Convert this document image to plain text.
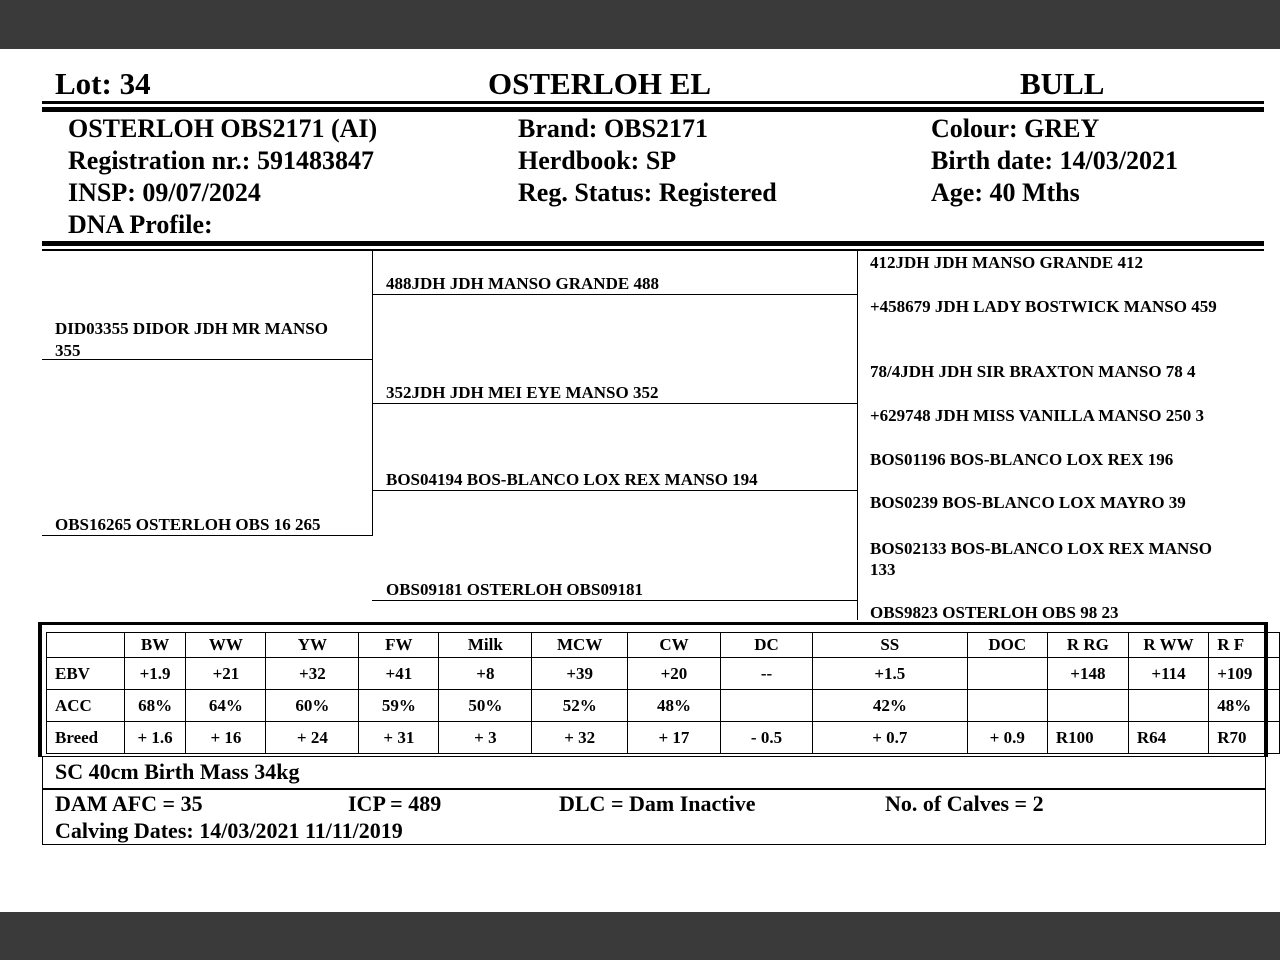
Lot: 34	OSTERLOH EL	BULL
OSTERLOH OBS2171 (AI)
Registration nr.: 591483847
INSP: 09/07/2024
DNA Profile:
Brand: OBS2171
Herdbook: SP
Reg. Status: Registered
Colour: GREY
Birth date: 14/03/2021
Age: 40 Mths
DID03355 DIDOR JDH MR MANSO
355
OBS16265 OSTERLOH OBS 16 265
488JDH JDH MANSO GRANDE 488
352JDH JDH MEI EYE MANSO 352
BOS04194 BOS-BLANCO LOX REX MANSO 194
OBS09181 OSTERLOH OBS09181
412JDH JDH MANSO GRANDE 412
+458679 JDH LADY BOSTWICK MANSO 459
78/4JDH JDH SIR BRAXTON MANSO 78 4
+629748 JDH MISS VANILLA MANSO 250 3
BOS01196 BOS-BLANCO LOX REX 196
BOS0239 BOS-BLANCO LOX MAYRO 39
BOS02133 BOS-BLANCO LOX REX MANSO
133
OBS9823 OSTERLOH OBS 98 23
	BW	WW	YW	FW	Milk	MCW	CW	DC	SS	DOC	R RG	R WW	R F
EBV	+1.9	+21	+32	+41	+8	+39	+20	--	+1.5		+148	+114	+109
ACC	68%	64%	60%	59%	50%	52%	48%		42%				48%
Breed	+ 1.6	+ 16	+ 24	+ 31	+ 3	+ 32	+ 17	- 0.5	+ 0.7	+ 0.9	R100	R64	R70
SC 40cm Birth Mass 34kg
DAM AFC = 35	ICP = 489	DLC = Dam Inactive	No. of Calves = 2
Calving Dates: 14/03/2021 11/11/2019
